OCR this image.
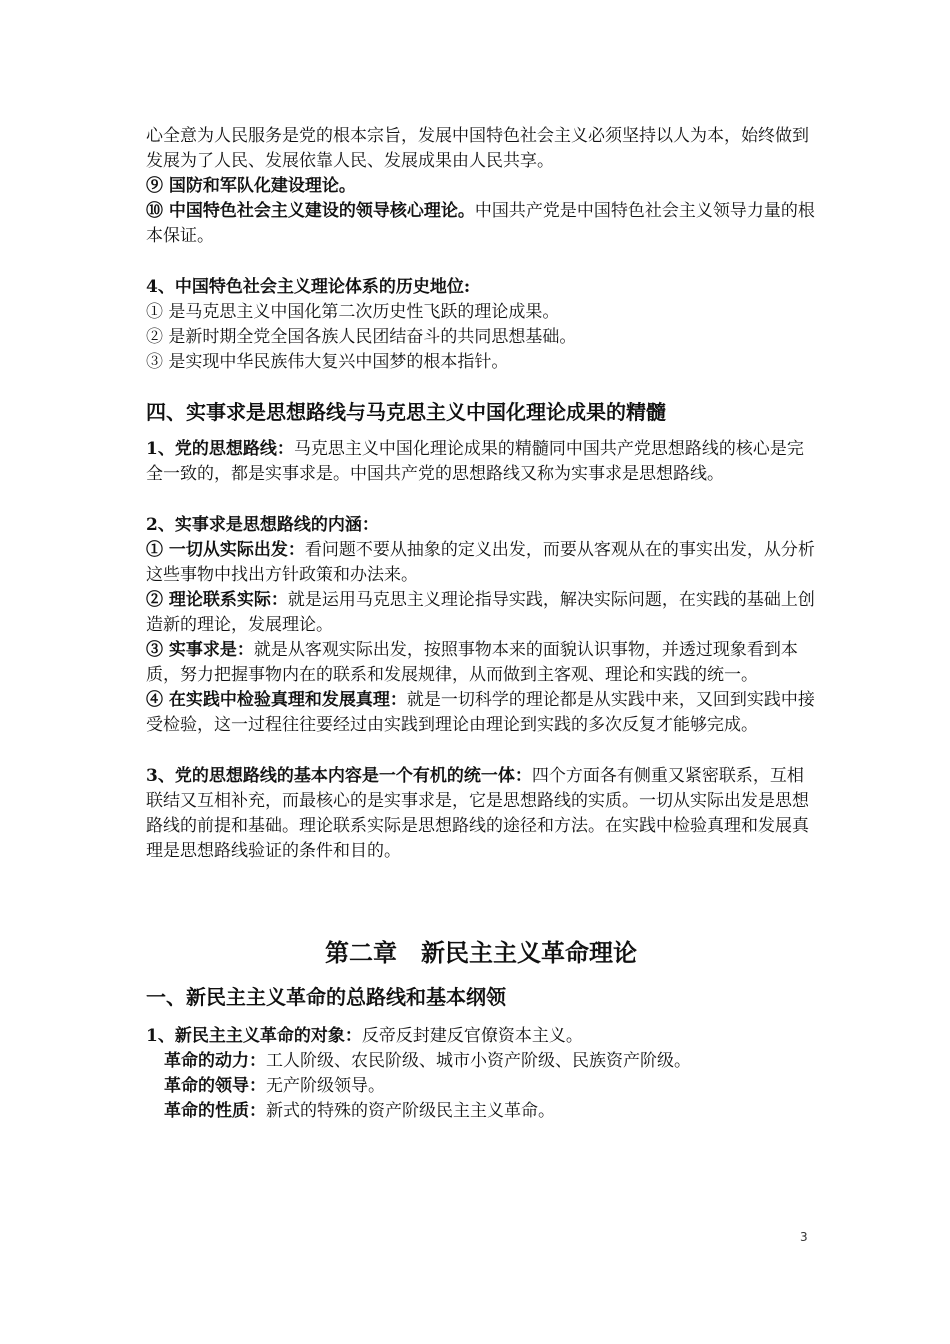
心全意为人民服务是党的根本宗旨，发展中国特色社会主义必须坚持以人为本，始终做到发展为了人民、发展依靠人民、发展成果由人民共享。

⑨ 国防和军队化建设理论。

⑩ 中国特色社会主义建设的领导核心理论。中国共产党是中国特色社会主义领导力量的根本保证。

4、中国特色社会主义理论体系的历史地位:

① 是马克思主义中国化第二次历史性飞跃的理论成果。

② 是新时期全党全国各族人民团结奋斗的共同思想基础。

③ 是实现中华民族伟大复兴中国梦的根本指针。

四、实事求是思想路线与马克思主义中国化理论成果的精髓

1、党的思想路线：马克思主义中国化理论成果的精髓同中国共产党思想路线的核心是完全一致的，都是实事求是。中国共产党的思想路线又称为实事求是思想路线。

2、实事求是思想路线的内涵：

① 一切从实际出发：看问题不要从抽象的定义出发，而要从客观从在的事实出发，从分析这些事物中找出方针政策和办法来。

② 理论联系实际：就是运用马克思主义理论指导实践，解决实际问题，在实践的基础上创造新的理论，发展理论。

③ 实事求是：就是从客观实际出发，按照事物本来的面貌认识事物，并透过现象看到本质，努力把握事物内在的联系和发展规律，从而做到主客观、理论和实践的统一。

④ 在实践中检验真理和发展真理：就是一切科学的理论都是从实践中来，又回到实践中接受检验，这一过程往往要经过由实践到理论由理论到实践的多次反复才能够完成。

3、党的思想路线的基本内容是一个有机的统一体：四个方面各有侧重又紧密联系，互相联结又互相补充，而最核心的是实事求是，它是思想路线的实质。一切从实际出发是思想路线的前提和基础。理论联系实际是思想路线的途径和方法。在实践中检验真理和发展真理是思想路线验证的条件和目的。

第二章　新民主主义革命理论

一、新民主主义革命的总路线和基本纲领

1、新民主主义革命的对象：反帝反封建反官僚资本主义。

革命的动力：工人阶级、农民阶级、城市小资产阶级、民族资产阶级。

革命的领导：无产阶级领导。

革命的性质：新式的特殊的资产阶级民主主义革命。

3
